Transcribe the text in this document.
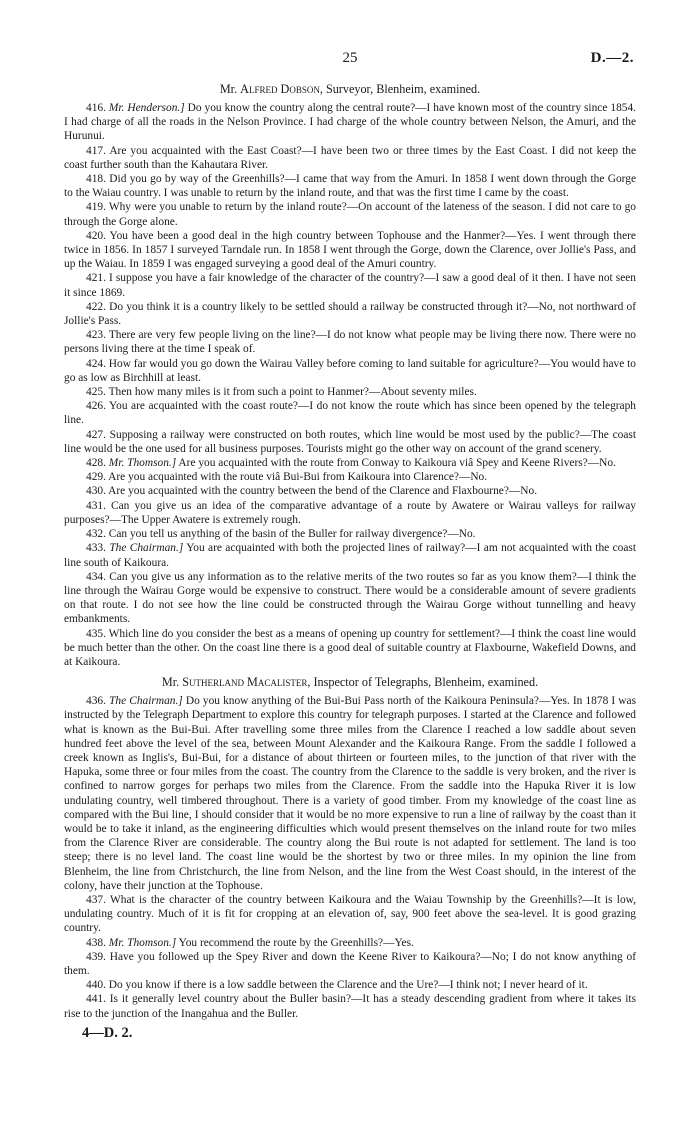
25	D.—2.
Mr. Alfred Dobson, Surveyor, Blenheim, examined.

416. Mr. Henderson.] Do you know the country along the central route?—I have known most of the country since 1854. I had charge of all the roads in the Nelson Province. I had charge of the whole country between Nelson, the Amuri, and the Hurunui.

417. Are you acquainted with the East Coast?—I have been two or three times by the East Coast. I did not keep the coast further south than the Kahautara River.

418. Did you go by way of the Greenhills?—I came that way from the Amuri. In 1858 I went down through the Gorge to the Waiau country. I was unable to return by the inland route, and that was the first time I came by the coast.

419. Why were you unable to return by the inland route?—On account of the lateness of the season. I did not care to go through the Gorge alone.

420. You have been a good deal in the high country between Tophouse and the Hanmer?—Yes. I went through there twice in 1856. In 1857 I surveyed Tarndale run. In 1858 I went through the Gorge, down the Clarence, over Jollie's Pass, and up the Waiau. In 1859 I was engaged surveying a good deal of the Amuri country.

421. I suppose you have a fair knowledge of the character of the country?—I saw a good deal of it then. I have not seen it since 1869.

422. Do you think it is a country likely to be settled should a railway be constructed through it?—No, not northward of Jollie's Pass.

423. There are very few people living on the line?—I do not know what people may be living there now. There were no persons living there at the time I speak of.

424. How far would you go down the Wairau Valley before coming to land suitable for agriculture?—You would have to go as low as Birchhill at least.

425. Then how many miles is it from such a point to Hanmer?—About seventy miles.

426. You are acquainted with the coast route?—I do not know the route which has since been opened by the telegraph line.

427. Supposing a railway were constructed on both routes, which line would be most used by the public?—The coast line would be the one used for all business purposes. Tourists might go the other way on account of the grand scenery.

428. Mr. Thomson.] Are you acquainted with the route from Conway to Kaikoura viâ Spey and Keene Rivers?—No.

429. Are you acquainted with the route viâ Bui-Bui from Kaikoura into Clarence?—No.

430. Are you acquainted with the country between the bend of the Clarence and Flaxbourne?—No.

431. Can you give us an idea of the comparative advantage of a route by Awatere or Wairau valleys for railway purposes?—The Upper Awatere is extremely rough.

432. Can you tell us anything of the basin of the Buller for railway divergence?—No.

433. The Chairman.] You are acquainted with both the projected lines of railway?—I am not acquainted with the coast line south of Kaikoura.

434. Can you give us any information as to the relative merits of the two routes so far as you know them?—I think the line through the Wairau Gorge would be expensive to construct. There would be a considerable amount of severe gradients on that route. I do not see how the line could be constructed through the Wairau Gorge without tunnelling and heavy embankments.

435. Which line do you consider the best as a means of opening up country for settlement?—I think the coast line would be much better than the other. On the coast line there is a good deal of suitable country at Flaxbourne, Wakefield Downs, and at Kaikoura.

Mr. Sutherland Macalister, Inspector of Telegraphs, Blenheim, examined.

436. The Chairman.] Do you know anything of the Bui-Bui Pass north of the Kaikoura Peninsula?—Yes. In 1878 I was instructed by the Telegraph Department to explore this country for telegraph purposes. I started at the Clarence and followed what is known as the Bui-Bui. After travelling some three miles from the Clarence I reached a low saddle about seven hundred feet above the level of the sea, between Mount Alexander and the Kaikoura Range. From the saddle I followed a creek known as Inglis's, Bui-Bui, for a distance of about thirteen or fourteen miles, to the junction of that river with the Hapuka, some three or four miles from the coast. The country from the Clarence to the saddle is very broken, and the river is confined to narrow gorges for perhaps two miles from the Clarence. From the saddle into the Hapuka River it is low undulating country, well timbered throughout. There is a variety of good timber. From my knowledge of the coast line as compared with the Bui line, I should consider that it would be no more expensive to run a line of railway by the coast than it would be to take it inland, as the engineering difficulties which would present themselves on the inland route for two miles from the Clarence River are considerable. The country along the Bui route is not adapted for settlement. The land is too steep; there is no level land. The coast line would be the shortest by two or three miles. In my opinion the line from Blenheim, the line from Christchurch, the line from Nelson, and the line from the West Coast should, in the interest of the colony, have their junction at the Tophouse.

437. What is the character of the country between Kaikoura and the Waiau Township by the Greenhills?—It is low, undulating country. Much of it is fit for cropping at an elevation of, say, 900 feet above the sea-level. It is good grazing country.

438. Mr. Thomson.] You recommend the route by the Greenhills?—Yes.

439. Have you followed up the Spey River and down the Keene River to Kaikoura?—No; I do not know anything of them.

440. Do you know if there is a low saddle between the Clarence and the Ure?—I think not; I never heard of it.

441. Is it generally level country about the Buller basin?—It has a steady descending gradient from where it takes its rise to the junction of the Inangahua and the Buller.

4—D. 2.
